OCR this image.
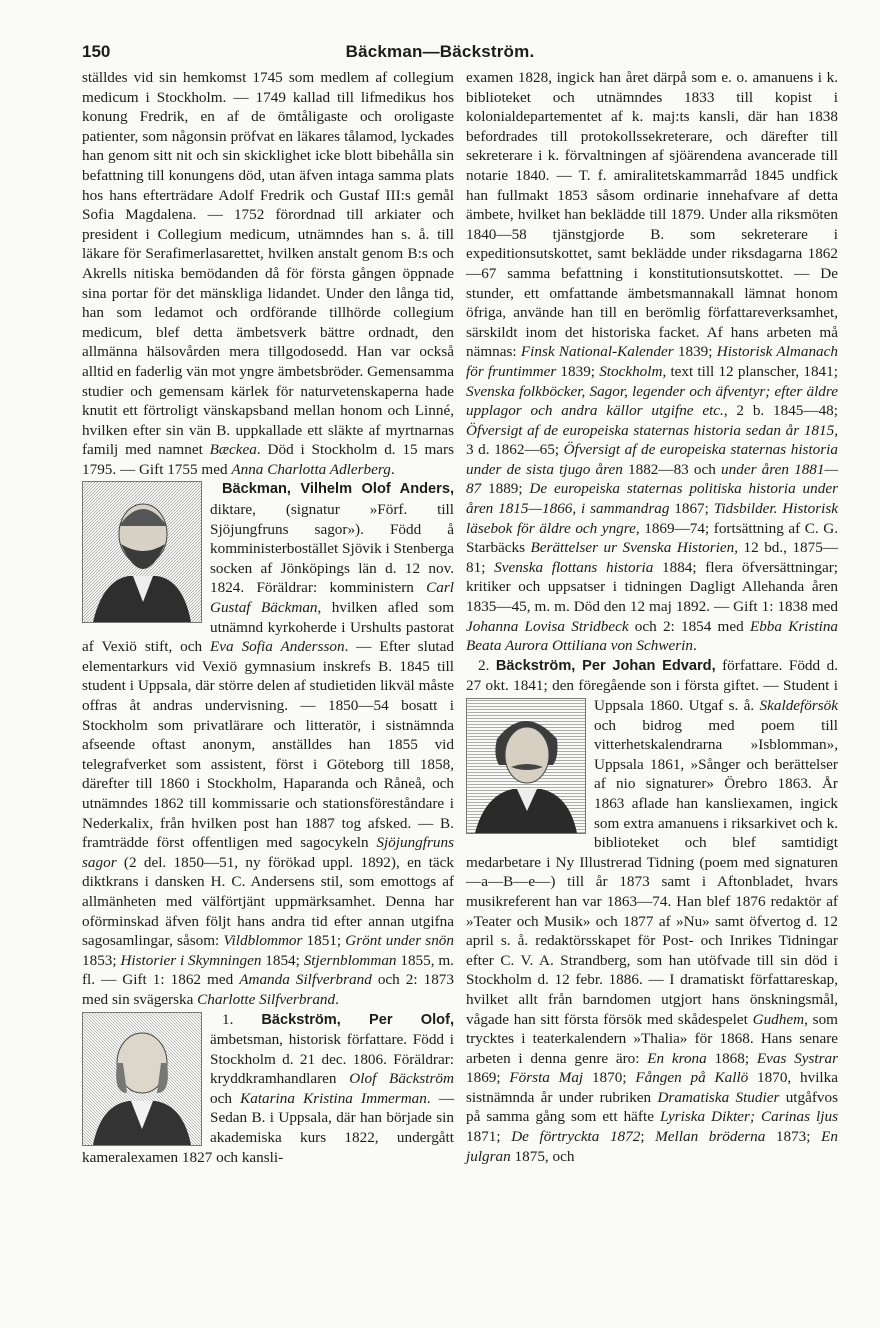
150	Bäckman—Bäckström.

ställdes vid sin hemkomst 1745 som medlem af collegium medicum i Stockholm. — 1749 kallad till lifmedikus hos konung Fredrik, en af de ömtåligaste och oroligaste patienter, som någonsin pröfvat en läkares tålamod, lyckades han genom sitt nit och sin skicklighet icke blott bibehålla sin befattning till konungens död, utan äfven intaga samma plats hos hans efterträdare Adolf Fredrik och Gustaf III:s gemål Sofia Magdalena. — 1752 förordnad till arkiater och president i Collegium medicum, utnämndes han s. å. till läkare för Serafimerlasarettet, hvilken anstalt genom B:s och Akrells nitiska bemödanden då för första gången öppnade sina portar för det mänskliga lidandet. Under den långa tid, han som ledamot och ordförande tillhörde collegium medicum, blef detta ämbetsverk bättre ordnadt, den allmänna hälsovården mera tillgodosedd. Han var också alltid en faderlig vän mot yngre ämbetsbröder. Gemensamma studier och gemensam kärlek för naturvetenskaperna hade knutit ett förtroligt vänskapsband mellan honom och Linné, hvilken efter sin vän B. uppkallade ett släkte af myrtnarnas familj med namnet Bæckea. Död i Stockholm d. 15 mars 1795. — Gift 1755 med Anna Charlotta Adlerberg.

Bäckman, Vilhelm Olof Anders, diktare, (signatur »Förf. till Sjöjungfruns sagor»). Född å komministerbostället Sjövik i Stenberga socken af Jönköpings län d. 12 nov. 1824. Föräldrar: komministern Carl Gustaf Bäckman, hvilken afled som utnämnd kyrkoherde i Urshults pastorat af Vexiö stift, och Eva Sofia Andersson. — Efter slutad elementarkurs vid Vexiö gymnasium inskrefs B. 1845 till student i Uppsala, där större delen af studietiden likväl måste offras åt andras undervisning. — 1850—54 bosatt i Stockholm som privatlärare och litteratör, i sistnämnda afseende oftast anonym, anställdes han 1855 vid telegrafverket som assistent, först i Göteborg till 1858, därefter till 1860 i Stockholm, Haparanda och Råneå, och utnämndes 1862 till kommissarie och stationsföreståndare i Nederkalix, från hvilken post han 1887 tog afsked. — B. framträdde först offentligen med sagocykeln Sjöjungfruns sagor (2 del. 1850—51, ny förökad uppl. 1892), en täck diktkrans i dansken H. C. Andersens stil, som emottogs af allmänheten med välförtjänt uppmärksamhet. Denna har oförminskad äfven följt hans andra tid efter annan utgifna sagosamlingar, såsom: Vildblommor 1851; Grönt under snön 1853; Historier i Skymningen 1854; Stjernblomman 1855, m. fl. — Gift 1: 1862 med Amanda Silfverbrand och 2: 1873 med sin svägerska Charlotte Silfverbrand.

1. Bäckström, Per Olof, ämbetsman, historisk författare. Född i Stockholm d. 21 dec. 1806. Föräldrar: kryddkramhandlaren Olof Bäckström och Katarina Kristina Immerman. — Sedan B. i Uppsala, där han började sin akademiska kurs 1822, undergått kameralexamen 1827 och kansli-

examen 1828, ingick han året därpå som e. o. amanuens i k. biblioteket och utnämndes 1833 till kopist i kolonialdepartementet af k. maj:ts kansli, där han 1838 befordrades till protokollssekreterare, och därefter till sekreterare i k. förvaltningen af sjöärendena avancerade till notarie 1840. — T. f. amiralitetskammarråd 1845 undfick han fullmakt 1853 såsom ordinarie innehafvare af detta ämbete, hvilket han beklädde till 1879. Under alla riksmöten 1840—58 tjänstgjorde B. som sekreterare i expeditionsutskottet, samt beklädde under riksdagarna 1862—67 samma befattning i konstitutionsutskottet. — De stunder, ett omfattande ämbetsmannakall lämnat honom öfriga, använde han till en berömlig författareverksamhet, särskildt inom det historiska facket. Af hans arbeten må nämnas: Finsk National-Kalender 1839; Historisk Almanach för fruntimmer 1839; Stockholm, text till 12 planscher, 1841; Svenska folkböcker, Sagor, legender och äfventyr; efter äldre upplagor och andra källor utgifne etc., 2 b. 1845—48; Öfversigt af de europeiska staternas historia sedan år 1815, 3 d. 1862—65; Öfversigt af de europeiska staternas historia under de sista tjugo åren 1882—83 och under åren 1881—87 1889; De europeiska staternas politiska historia under åren 1815—1866, i sammandrag 1867; Tidsbilder. Historisk läsebok för äldre och yngre, 1869—74; fortsättning af C. G. Starbäcks Berättelser ur Svenska Historien, 12 bd., 1875—81; Svenska flottans historia 1884; flera öfversättningar; kritiker och uppsatser i tidningen Dagligt Allehanda åren 1835—45, m. m. Död den 12 maj 1892. — Gift 1: 1838 med Johanna Lovisa Stridbeck och 2: 1854 med Ebba Kristina Beata Aurora Ottiliana von Schwerin.

2. Bäckström, Per Johan Edvard, författare. Född d. 27 okt. 1841; den föregående son i första giftet. — Student i Uppsala 1860. Utgaf s. å.
Skaldeförsök och bidrog med poem till vitterhetskalendrarna »Isblomman», Uppsala 1861, »Sånger och berättelser af nio signaturer» Örebro 1863. År 1863 aflade han kansliexamen, ingick som extra amanuens i riksarkivet och k. biblioteket och blef samtidigt medarbetare i Ny Illustrerad Tidning (poem med signaturen —a—B—e—) till år 1873 samt i Aftonbladet, hvars musikreferent han var 1863—74. Han blef 1876 redaktör af »Teater och Musik» och 1877 af »Nu» samt öfvertog d. 12 april s. å. redaktörsskapet för Post- och Inrikes Tidningar efter C. V. A. Strandberg, som han utöfvade till sin död i Stockholm d. 12 febr. 1886. — I dramatiskt författareskap, hvilket allt från barndomen utgjort hans önskningsmål, vågade han sitt första försök med skådespelet Gudhem, som trycktes i teaterkalendern »Thalia» för 1868. Hans senare arbeten i denna genre äro: En krona 1868; Evas Systrar 1869; Första Maj 1870; Fången på Kallö 1870, hvilka sistnämnda år under rubriken Dramatiska Studier utgåfvos på samma gång som ett häfte Lyriska Dikter; Carinas ljus 1871; De förtryckta 1872; Mellan bröderna 1873; En julgran 1875, och
